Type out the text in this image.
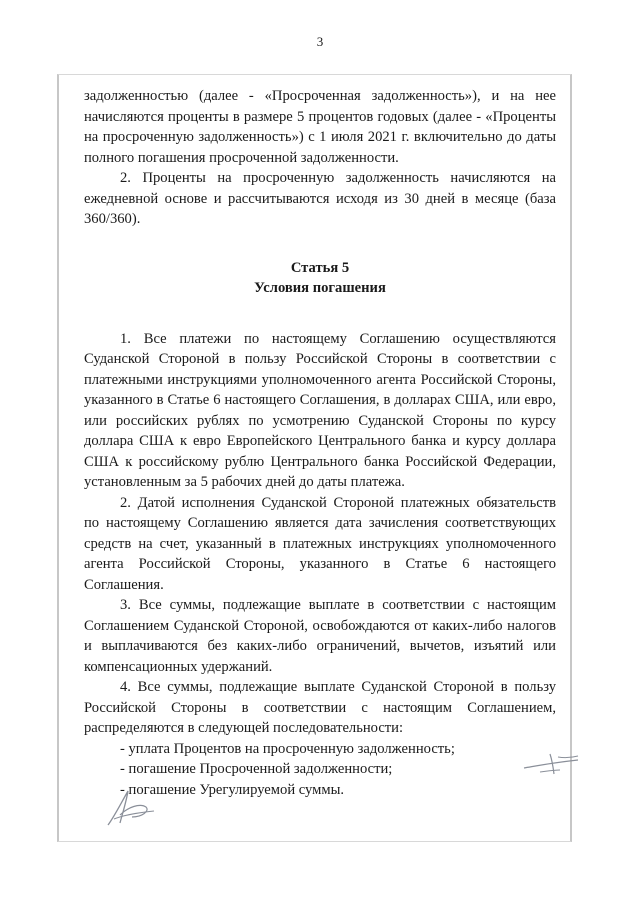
3

задолженностью (далее - «Просроченная задолженность»), и на нее начисляются проценты в размере 5 процентов годовых (далее - «Проценты на просроченную задолженность») с 1 июля 2021 г. включительно до даты полного погашения просроченной задолженности.

2. Проценты на просроченную задолженность начисляются на ежедневной основе и рассчитываются исходя из 30 дней в месяце (база 360/360).

Статья 5

Условия погашения

1. Все платежи по настоящему Соглашению осуществляются Суданской Стороной в пользу Российской Стороны в соответствии с платежными инструкциями уполномоченного агента Российской Стороны, указанного в Статье 6 настоящего Соглашения, в долларах США, или евро, или российских рублях по усмотрению Суданской Стороны по курсу доллара США к евро Европейского Центрального банка и курсу доллара США к российскому рублю Центрального банка Российской Федерации, установленным за 5 рабочих дней до даты платежа.

2. Датой исполнения Суданской Стороной платежных обязательств по настоящему Соглашению является дата зачисления соответствующих средств на счет, указанный в платежных инструкциях уполномоченного агента Российской Стороны, указанного в Статье 6 настоящего Соглашения.

3. Все суммы, подлежащие выплате в соответствии с настоящим Соглашением Суданской Стороной, освобождаются от каких-либо налогов и выплачиваются без каких-либо ограничений, вычетов, изъятий или компенсационных удержаний.

4. Все суммы, подлежащие выплате Суданской Стороной в пользу Российской Стороны в соответствии с настоящим Соглашением, распределяются в следующей последовательности:

- уплата Процентов на просроченную задолженность;

- погашение Просроченной задолженности;

- погашение Урегулируемой суммы.
